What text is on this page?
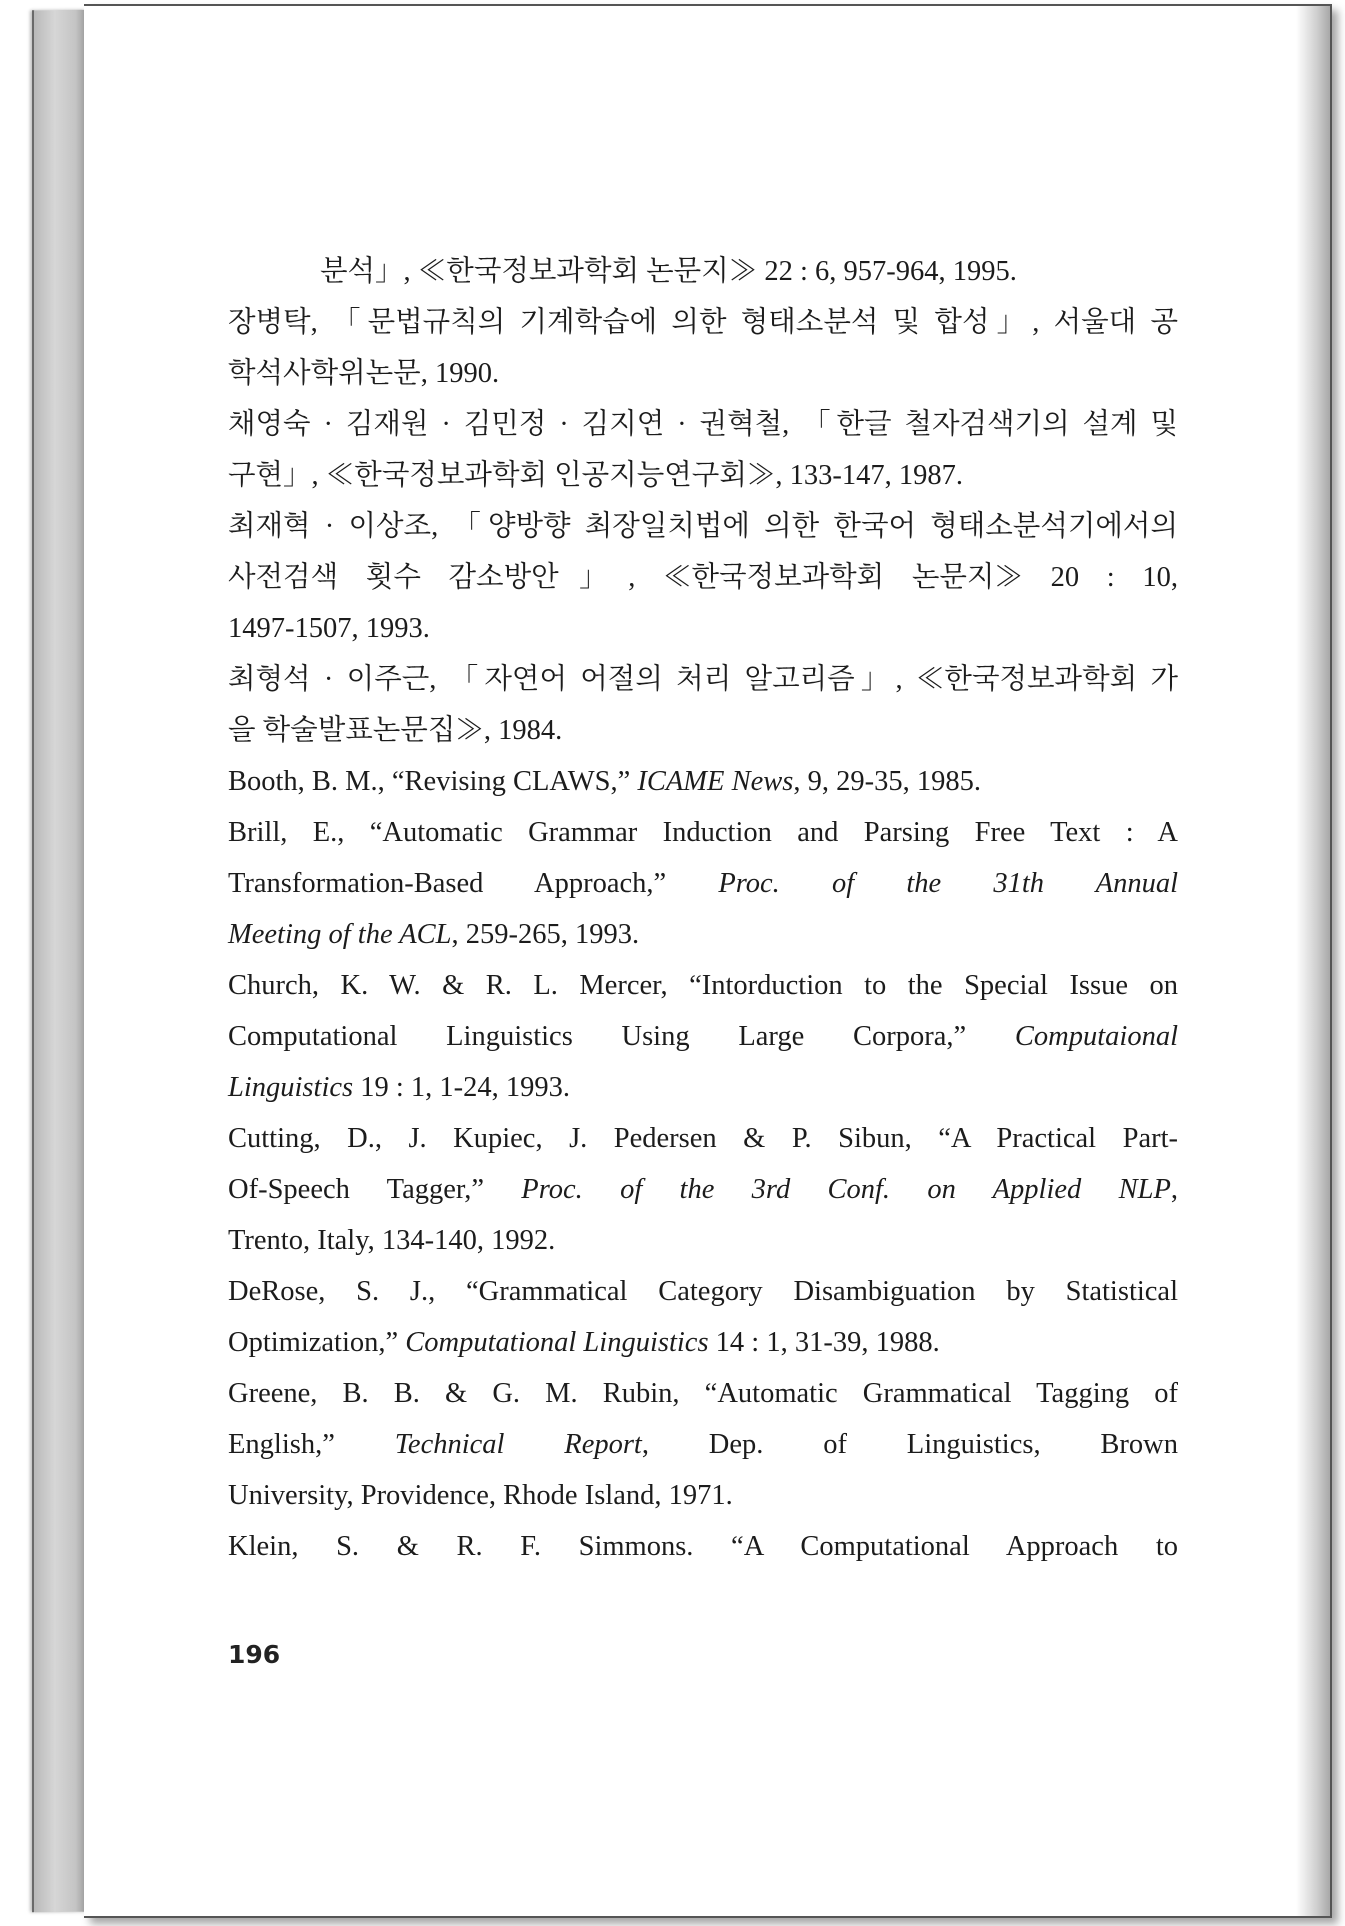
분석」, ≪한국정보과학회 논문지≫ 22 : 6, 957-964, 1995.
장병탁, 「문법규칙의 기계학습에 의한 형태소분석 및 합성」, 서울대 공
학석사학위논문, 1990.
채영숙 · 김재원 · 김민정 · 김지연 · 권혁철, 「한글 철자검색기의 설계 및
구현」, ≪한국정보과학회 인공지능연구회≫, 133-147, 1987.
최재혁 · 이상조, 「양방향 최장일치법에 의한 한국어 형태소분석기에서의
사전검색 횟수 감소방안」, ≪한국정보과학회 논문지≫ 20 : 10,
1497-1507, 1993.
최형석 · 이주근, 「자연어 어절의 처리 알고리즘」, ≪한국정보과학회 가
을 학술발표논문집≫, 1984.
Booth, B. M., “Revising CLAWS,” ICAME News, 9, 29-35, 1985.
Brill, E., “Automatic Grammar Induction and Parsing Free Text : A
Transformation-Based Approach,” Proc. of the 31th Annual
Meeting of the ACL, 259-265, 1993.
Church, K. W. & R. L. Mercer, “Intorduction to the Special Issue on
Computational Linguistics Using Large Corpora,” Computaional
Linguistics 19 : 1, 1-24, 1993.
Cutting, D., J. Kupiec, J. Pedersen & P. Sibun, “A Practical Part-
Of-Speech Tagger,” Proc. of the 3rd Conf. on Applied NLP,
Trento, Italy, 134-140, 1992.
DeRose, S. J., “Grammatical Category Disambiguation by Statistical
Optimization,” Computational Linguistics 14 : 1, 31-39, 1988.
Greene, B. B. & G. M. Rubin, “Automatic Grammatical Tagging of
English,” Technical Report, Dep. of Linguistics, Brown
University, Providence, Rhode Island, 1971.
Klein, S. & R. F. Simmons. “A Computational Approach to
196
